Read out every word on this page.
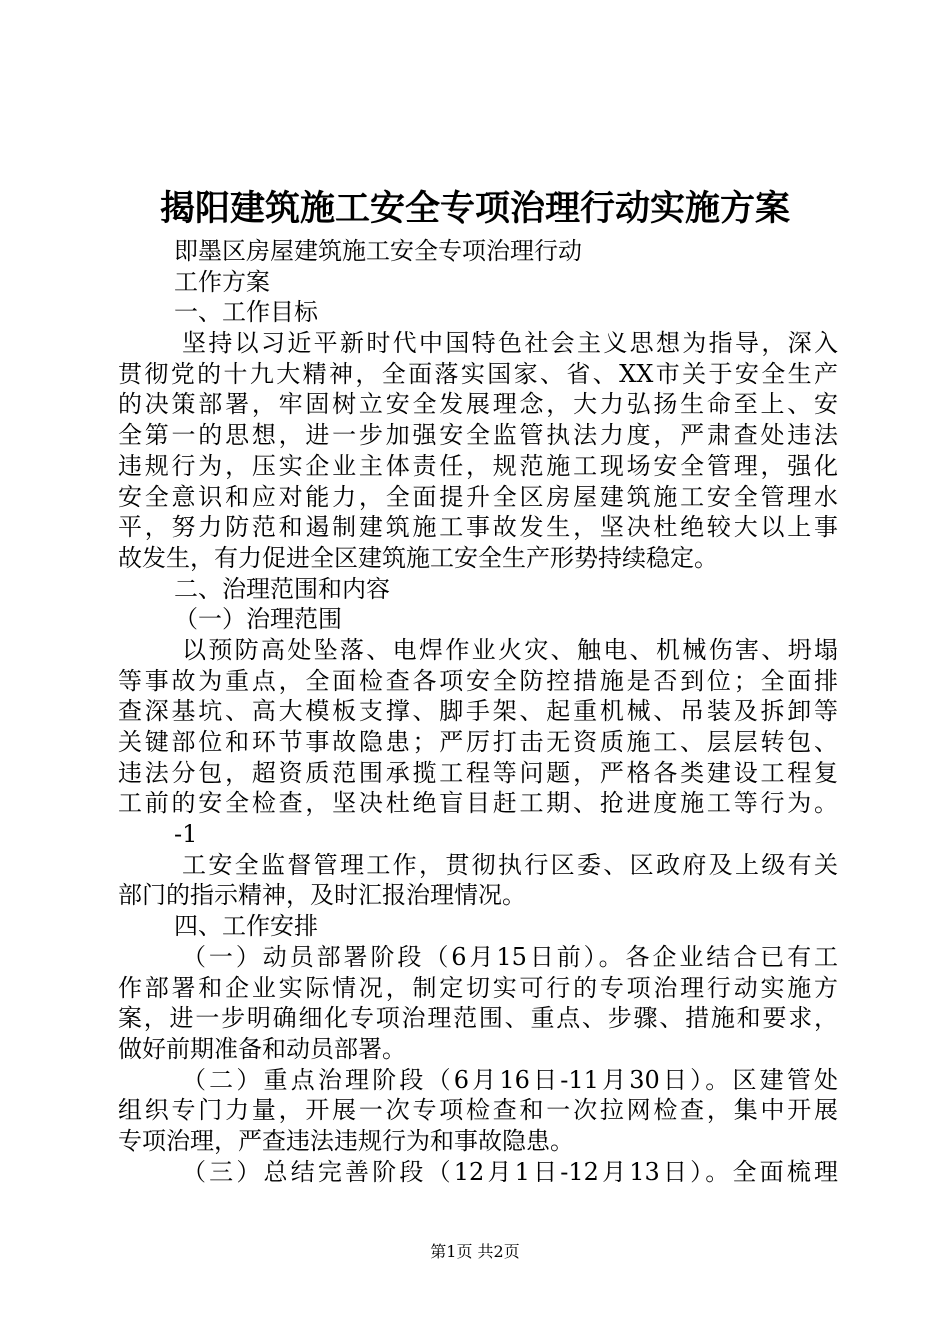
揭阳建筑施工安全专项治理行动实施方案
即墨区房屋建筑施工安全专项治理行动
工作方案
一、工作目标
坚持以习近平新时代中国特色社会主义思想为指导，深入
贯彻党的十九大精神，全面落实国家、省、XX市关于安全生产
的决策部署，牢固树立安全发展理念，大力弘扬生命至上、安
全第一的思想，进一步加强安全监管执法力度，严肃查处违法
违规行为，压实企业主体责任，规范施工现场安全管理，强化
安全意识和应对能力，全面提升全区房屋建筑施工安全管理水
平，努力防范和遏制建筑施工事故发生，坚决杜绝较大以上事
故发生，有力促进全区建筑施工安全生产形势持续稳定。
二、治理范围和内容
（一）治理范围
以预防高处坠落、电焊作业火灾、触电、机械伤害、坍塌
等事故为重点，全面检查各项安全防控措施是否到位；全面排
查深基坑、高大模板支撑、脚手架、起重机械、吊装及拆卸等
关键部位和环节事故隐患；严厉打击无资质施工、层层转包、
违法分包，超资质范围承揽工程等问题，严格各类建设工程复
工前的安全检查，坚决杜绝盲目赶工期、抢进度施工等行为。
-1
工安全监督管理工作，贯彻执行区委、区政府及上级有关
部门的指示精神，及时汇报治理情况。
四、工作安排
（一）动员部署阶段（6月15日前）。各企业结合已有工
作部署和企业实际情况，制定切实可行的专项治理行动实施方
案，进一步明确细化专项治理范围、重点、步骤、措施和要求，
做好前期准备和动员部署。
（二）重点治理阶段（6月16日-11月30日）。区建管处
组织专门力量，开展一次专项检查和一次拉网检查，集中开展
专项治理，严查违法违规行为和事故隐患。
（三）总结完善阶段（12月1日-12月13日）。全面梳理
第1页 共2页
